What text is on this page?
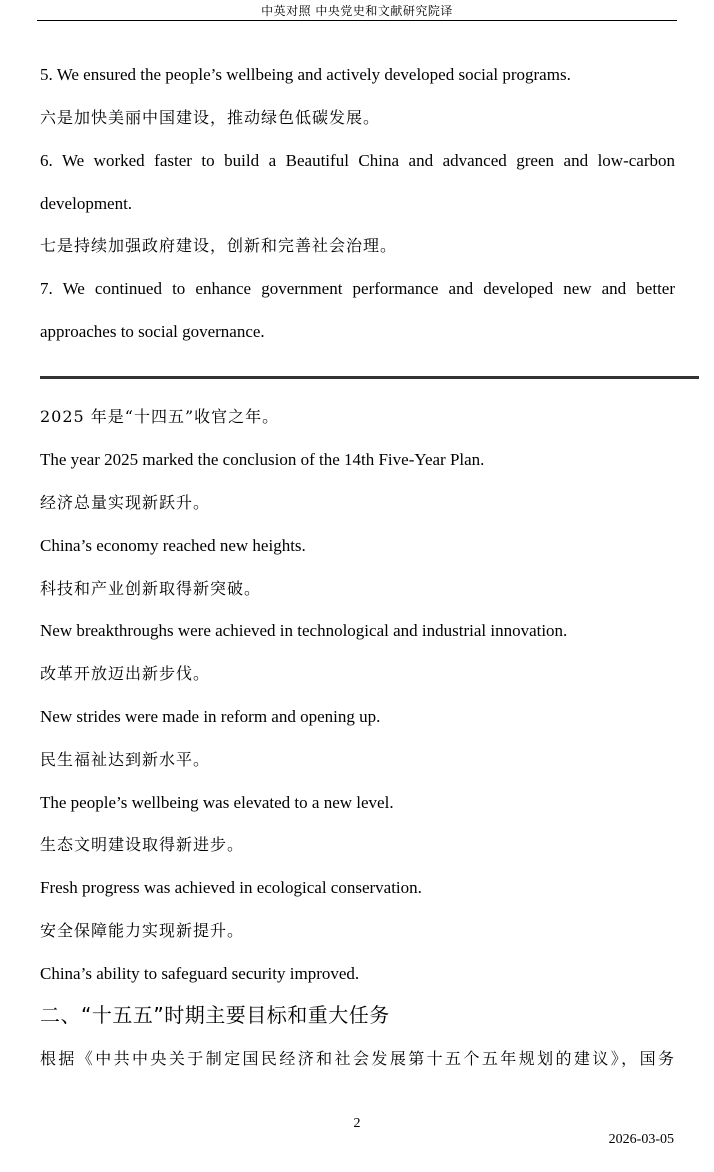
中英对照 中央党史和文献研究院译
5. We ensured the people’s wellbeing and actively developed social programs.
六是加快美丽中国建设，推动绿色低碳发展。
6. We worked faster to build a Beautiful China and advanced green and low-carbon
development.
七是持续加强政府建设，创新和完善社会治理。
7. We continued to enhance government performance and developed new and better
approaches to social governance.
2025 年是“十四五”收官之年。
The year 2025 marked the conclusion of the 14th Five-Year Plan.
经济总量实现新跃升。
China’s economy reached new heights.
科技和产业创新取得新突破。
New breakthroughs were achieved in technological and industrial innovation.
改革开放迈出新步伐。
New strides were made in reform and opening up.
民生福祉达到新水平。
The people’s wellbeing was elevated to a new level.
生态文明建设取得新进步。
Fresh progress was achieved in ecological conservation.
安全保障能力实现新提升。
China’s ability to safeguard security improved.
二、“十五五”时期主要目标和重大任务
根据《中共中央关于制定国民经济和社会发展第十五个五年规划的建议》，国务
2
2026-03-05
